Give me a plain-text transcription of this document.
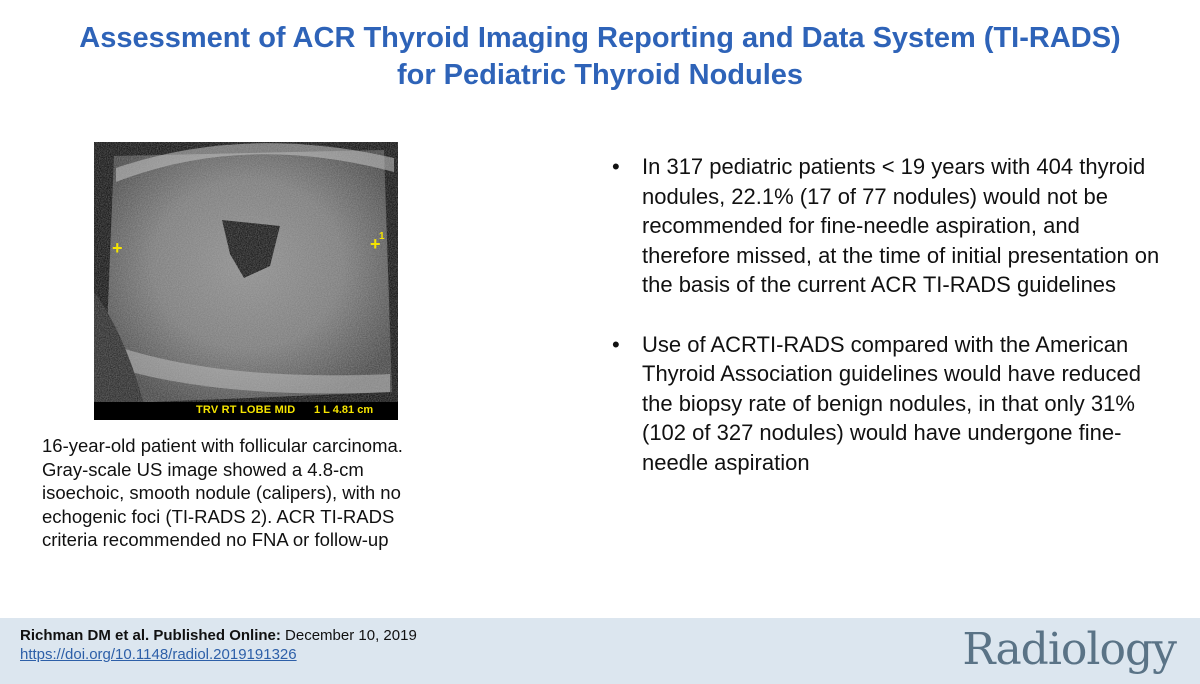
Assessment of ACR Thyroid Imaging Reporting and Data System (TI-RADS)
for Pediatric Thyroid Nodules
+	+
1
TRV RT LOBE MID 1 L 4.81 cm

16-year-old patient with follicular carcinoma. Gray-scale US image showed a 4.8-cm isoechoic, smooth nodule (calipers), with no echogenic foci (TI-RADS 2). ACR TI-RADS criteria recommended no FNA or follow-up

• In 317 pediatric patients < 19 years with 404 thyroid nodules, 22.1% (17 of 77 nodules) would not be recommended for fine-needle aspiration, and therefore missed, at the time of initial presentation on the basis of the current ACR TI-RADS guidelines
• Use of ACRTI-RADS compared with the American Thyroid Association guidelines would have reduced the biopsy rate of benign nodules, in that only 31% (102 of 327 nodules) would have undergone fine-needle aspiration
Richman DM et al. Published Online: December 10, 2019
https://doi.org/10.1148/radiol.2019191326	Radiology
